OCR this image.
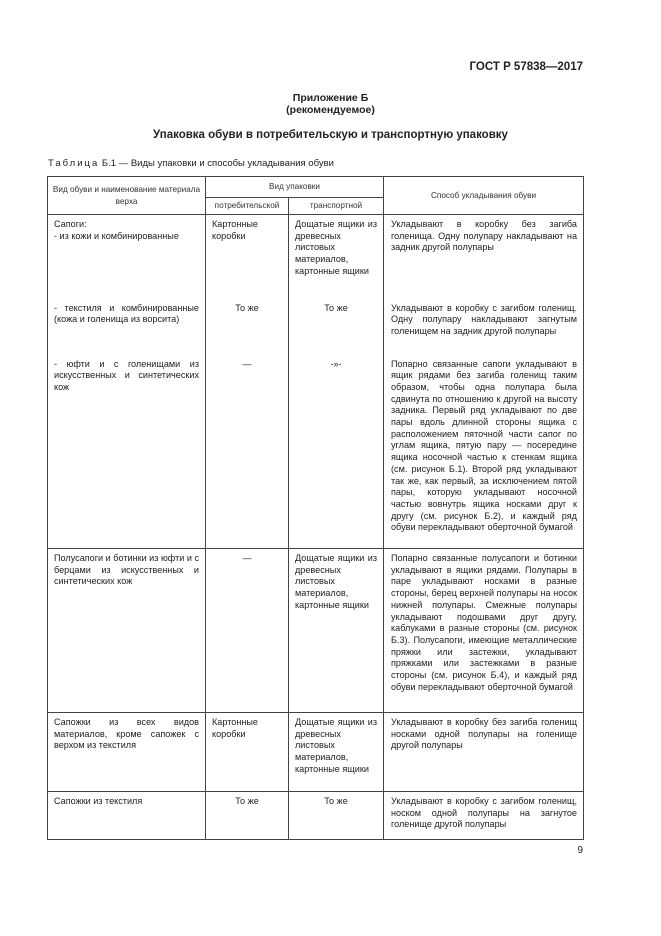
ГОСТ Р 57838—2017
Приложение Б
(рекомендуемое)
Упаковка обуви в потребительскую и транспортную упаковку
Таблица Б.1 — Виды упаковки и способы укладывания обуви
Вид обуви и наименование материала верха	Вид упаковки		Способ укладывания обуви
	потребительской	транспортной	

Сапоги:
- из кожи и комбинированные	Картонные коробки	Дощатые ящики из древесных листовых материалов, картонные ящики	Укладывают в коробку без загиба голенища. Одну полупару накладывают на задник другой полупары
- текстиля и комбинированные (кожа и голенища из ворсита)	То же	То же	Укладывают в коробку с загибом голенищ. Одну полупару накладывают загнутым голенищем на задник другой полупары
- юфти и с голенищами из искусственных и синтетических кож	—	-»-	Попарно связанные сапоги укладывают в ящик рядами без загиба голенищ таким образом, чтобы одна полупара была сдвинута по отношению к другой на высоту задника. Первый ряд укладывают по две пары вдоль длинной стороны ящика с расположением пяточной части сапог по углам ящика, пятую пару — посередине ящика носочной частью к стенкам ящика (см. рисунок Б.1). Второй ряд укладывают так же, как первый, за исключением пятой пары, которую укладывают носочной частью вовнутрь ящика носками друг к другу (см. рисунок Б.2), и каждый ряд обуви перекладывают оберточной бумагой
Полусапоги и ботинки из юфти и с берцами из искусственных и синтетических кож	—	Дощатые ящики из древесных листовых материалов, картонные ящики	Попарно связанные полусапоги и ботинки укладывают в ящики рядами. Полупары в паре укладывают носками в разные стороны, берец верхней полупары на носок нижней полупары. Смежные полупары укладывают подошвами друг другу, каблуками в разные стороны (см. рисунок Б.3). Полусапоги, имеющие металлические пряжки или застежки, укладывают пряжками или застежками в разные стороны (см. рисунок Б.4), и каждый ряд обуви перекладывают оберточной бумагой
Сапожки из всех видов материалов, кроме сапожек с верхом из текстиля	Картонные коробки	Дощатые ящики из древесных листовых материалов, картонные ящики	Укладывают в коробку без загиба голенищ носками одной полупары на голенище другой полупары
Сапожки из текстиля	То же	То же	Укладывают в коробку с загибом голенищ, носком одной полупары на загнутое голенище другой полупары
9
